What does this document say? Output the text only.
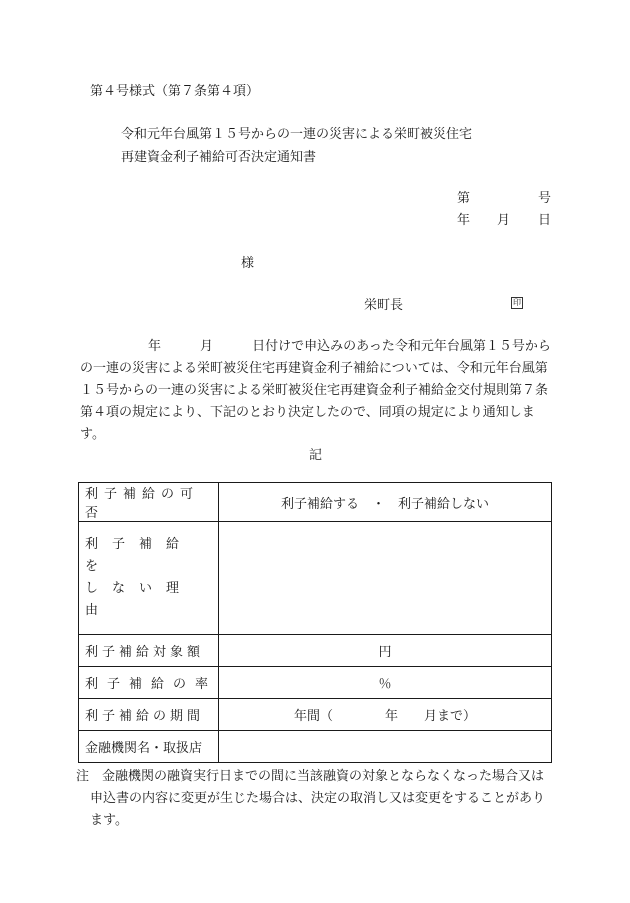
第４号様式（第７条第４項）
令和元年台風第１５号からの一連の災害による栄町被災住宅
再建資金利子補給可否決定通知書
第	号
年 月 日
様
栄町長	印
年　　　	月　　　	日付けで申込みのあった令和元年台風第１５号からの一連の災害による栄町被災住宅再建資金利子補給については、令和元年台風第１５号からの一連の災害による栄町被災住宅再建資金利子補給金交付規則第７条第４項の規定により、下記のとおり決定したので、同項の規定により通知します。
記
利子補給の可否	利子補給する　・　利子補給しない

利子補給を
しない理由	

利子補給対象額	円

利子補給の率	％

利子補給の期間	年間（　　　　年　　月まで）

金融機関名・取扱店	

注　金融機関の融資実行日までの間に当該融資の対象とならなくなった場合又は申込書の内容に変更が生じた場合は、決定の取消し又は変更をすることがあります。
